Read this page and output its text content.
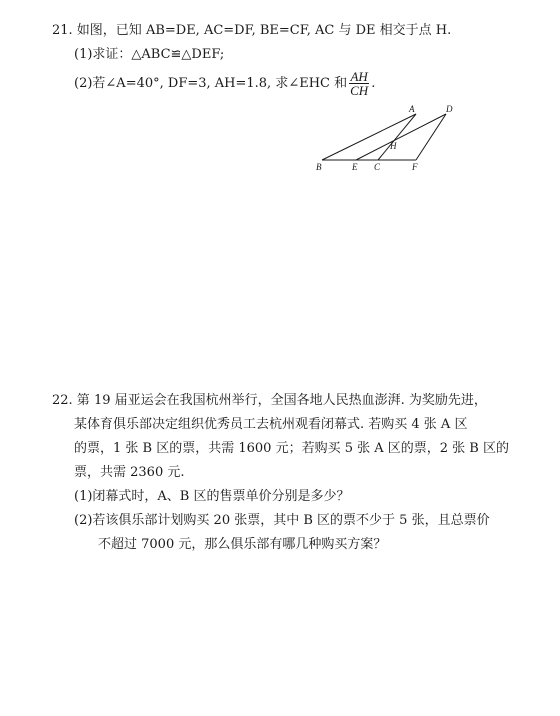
21. 如图，已知 AB=DE, AC=DF, BE=CF, AC 与 DE 相交于点 H.
(1)求证：△ABC≌△DEF;
(2)若∠A=40°, DF=3, AH=1.8, 求∠EHC 和 $\frac{AH}{CH}$ .
A	D
H
B	E C	F
22. 第 19 届亚运会在我国杭州举行，全国各地人民热血澎湃. 为奖励先进，
某体育俱乐部决定组织优秀员工去杭州观看闭幕式. 若购买 4 张 A 区
的票，1 张 B 区的票，共需 1600 元；若购买 5 张 A 区的票，2 张 B 区的
票，共需 2360 元.
(1)闭幕式时，A、B 区的售票单价分别是多少？
(2)若该俱乐部计划购买 20 张票，其中 B 区的票不少于 5 张，且总票价
不超过 7000 元，那么俱乐部有哪几种购买方案？
